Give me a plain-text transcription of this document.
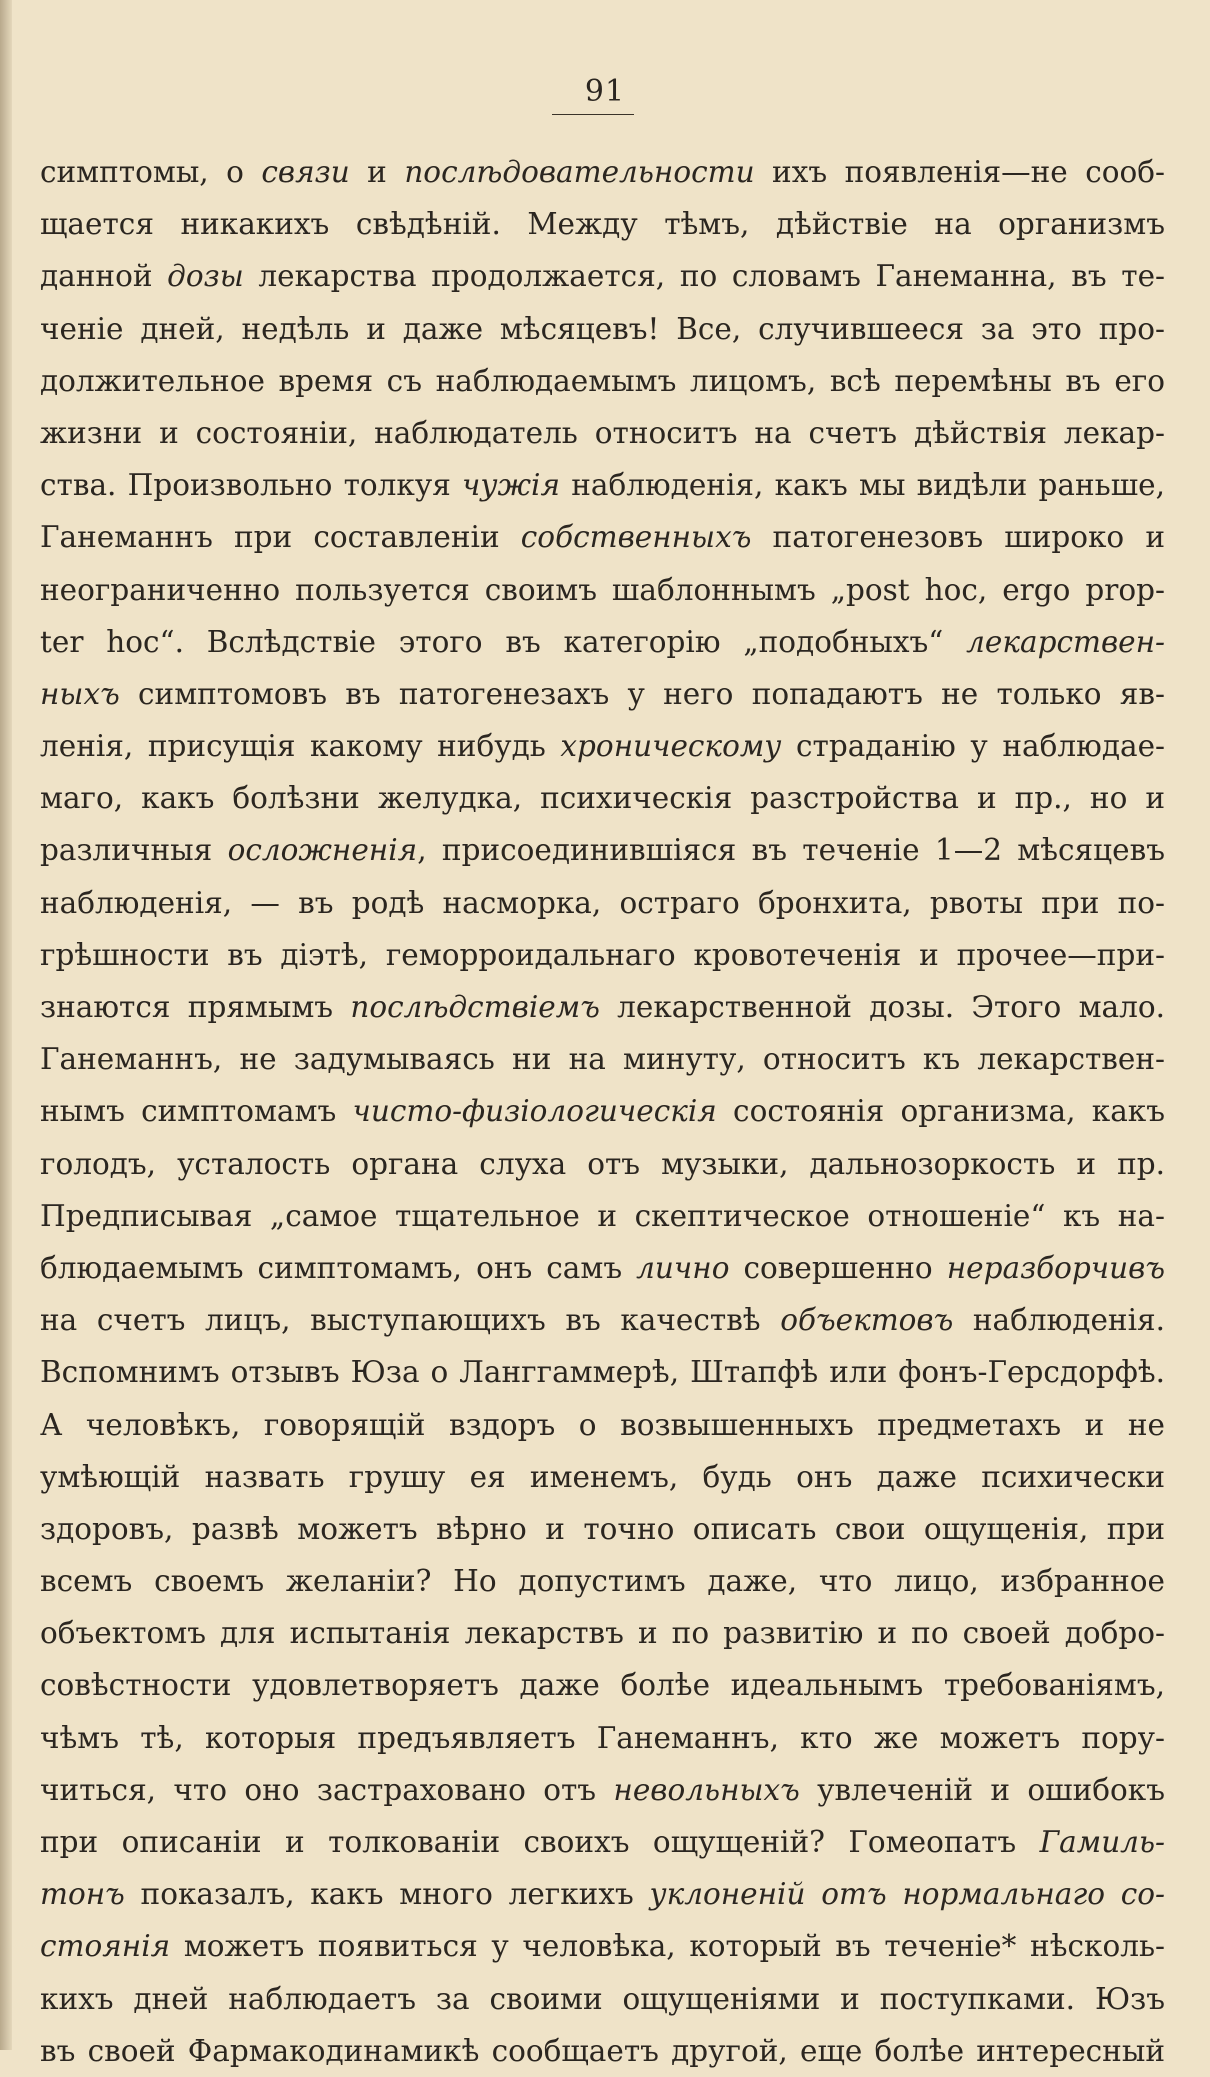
91
симптомы, о связи и послѣдовательности ихъ появленія—не сооб-
щается никакихъ свѣдѣній. Между тѣмъ, дѣйствіе на организмъ
данной дозы лекарства продолжается, по словамъ Ганеманна, въ те-
ченіе дней, недѣль и даже мѣсяцевъ! Все, случившееся за это про-
должительное время съ наблюдаемымъ лицомъ, всѣ перемѣны въ его
жизни и состояніи, наблюдатель относитъ на счетъ дѣйствія лекар-
ства. Произвольно толкуя чужія наблюденія, какъ мы видѣли раньше,
Ганеманнъ при составленіи собственныхъ патогенезовъ широко и
неограниченно пользуется своимъ шаблоннымъ „post hoc, ergo prop-
ter hoc“. Вслѣдствіе этого въ категорію „подобныхъ“ лекарствен-
ныхъ симптомовъ въ патогенезахъ у него попадаютъ не только яв-
ленія, присущія какому нибудь хроническому страданію у наблюдае-
маго, какъ болѣзни желудка, психическія разстройства и пр., но и
различныя осложненія, присоединившіяся въ теченіе 1—2 мѣсяцевъ
наблюденія, — въ родѣ насморка, остраго бронхита, рвоты при по-
грѣшности въ діэтѣ, геморроидальнаго кровотеченія и прочее—при-
знаются прямымъ послѣдствіемъ лекарственной дозы. Этого мало.
Ганеманнъ, не задумываясь ни на минуту, относитъ къ лекарствен-
нымъ симптомамъ чисто-физіологическія состоянія организма, какъ
голодъ, усталость органа слуха отъ музыки, дальнозоркость и пр.
Предписывая „самое тщательное и скептическое отношеніе“ къ на-
блюдаемымъ симптомамъ, онъ самъ лично совершенно неразборчивъ
на счетъ лицъ, выступающихъ въ качествѣ объектовъ наблюденія.
Вспомнимъ отзывъ Юза о Ланггаммерѣ, Штапфѣ или фонъ-Герсдорфѣ.
А человѣкъ, говорящій вздоръ о возвышенныхъ предметахъ и не
умѣющій назвать грушу ея именемъ, будь онъ даже психически
здоровъ, развѣ можетъ вѣрно и точно описать свои ощущенія, при
всемъ своемъ желаніи? Но допустимъ даже, что лицо, избранное
объектомъ для испытанія лекарствъ и по развитію и по своей добро-
совѣстности удовлетворяетъ даже болѣе идеальнымъ требованіямъ,
чѣмъ тѣ, которыя предъявляетъ Ганеманнъ, кто же можетъ пору-
читься, что оно застраховано отъ невольныхъ увлеченій и ошибокъ
при описаніи и толкованіи своихъ ощущеній? Гомеопатъ Гамиль-
тонъ показалъ, какъ много легкихъ уклоненій отъ нормальнаго со-
стоянія можетъ появиться у человѣка, который въ теченіе* нѣсколь-
кихъ дней наблюдаетъ за своими ощущеніями и поступками. Юзъ
въ своей Фармакодинамикѣ сообщаетъ другой, еще болѣе интересный
